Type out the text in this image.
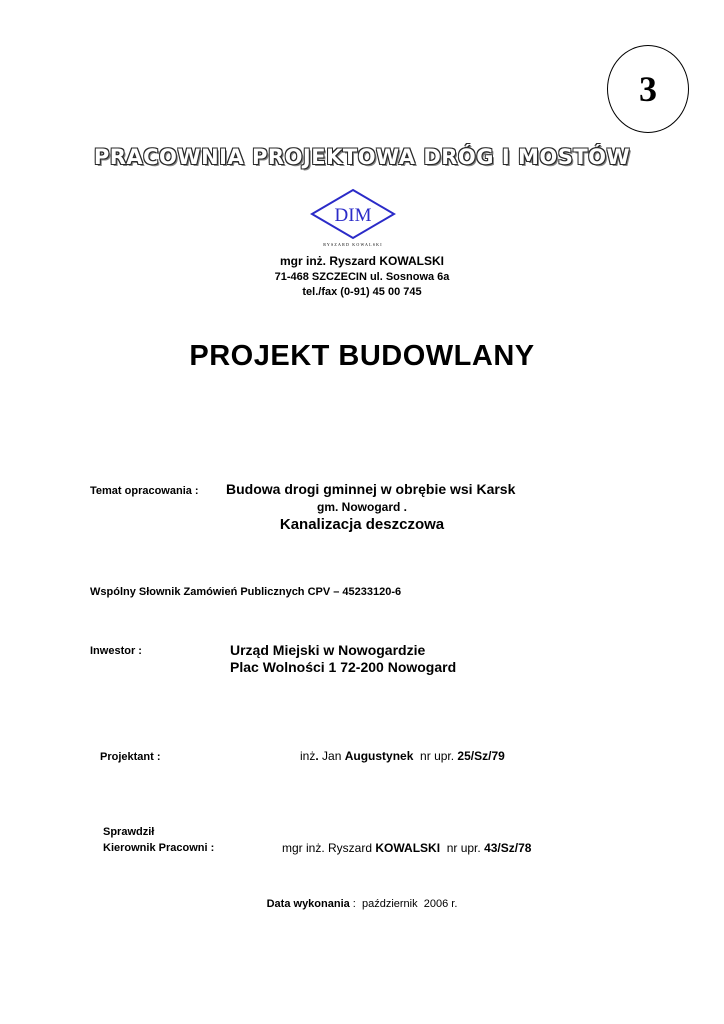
3
PRACOWNIA PROJEKTOWA DRÓG I MOSTÓW
DIM
RYSZARD KOWALSKI
mgr inż. Ryszard KOWALSKI
71-468 SZCZECIN ul. Sosnowa 6a
tel./fax (0-91) 45 00 745
PROJEKT BUDOWLANY
Temat opracowania : Budowa drogi gminnej w obrębie wsi Karsk
gm. Nowogard .
Kanalizacja deszczowa
Wspólny Słownik Zamówień Publicznych CPV – 45233120-6
Inwestor :	Urząd Miejski w Nowogardzie
Plac Wolności 1 72-200 Nowogard
Projektant :	inż. Jan Augustynek  nr upr. 25/Sz/79
Sprawdził
Kierownik Pracowni :	mgr inż. Ryszard KOWALSKI  nr upr. 43/Sz/78
Data wykonania :  październik  2006 r.
